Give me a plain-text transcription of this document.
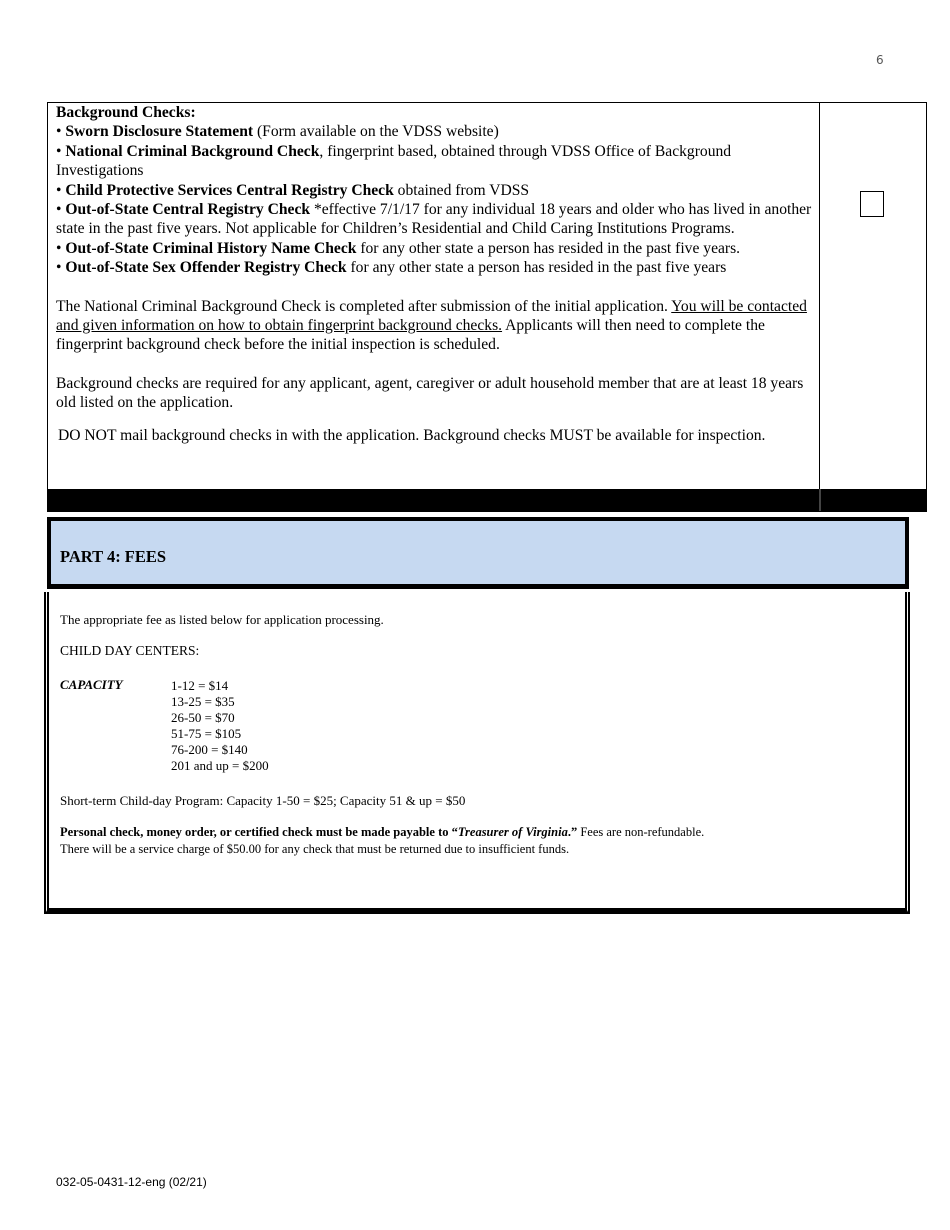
6

Background Checks:

• Sworn Disclosure Statement (Form available on the VDSS website)

• National Criminal Background Check, fingerprint based, obtained through VDSS Office of Background Investigations

• Child Protective Services Central Registry Check obtained from VDSS

• Out-of-State Central Registry Check *effective 7/1/17 for any individual 18 years and older who has lived in another state in the past five years. Not applicable for Children’s Residential and Child Caring Institutions Programs.

• Out-of-State Criminal History Name Check for any other state a person has resided in the past five years.

• Out-of-State Sex Offender Registry Check for any other state a person has resided in the past five years

The National Criminal Background Check is completed after submission of the initial application. You will be contacted and given information on how to obtain fingerprint background checks. Applicants will then need to complete the fingerprint background check before the initial inspection is scheduled.

Background checks are required for any applicant, agent, caregiver or adult household member that are at least 18 years old listed on the application.

DO NOT mail background checks in with the application. Background checks MUST be available for inspection.

PART 4: FEES
The appropriate fee as listed below for application processing.
CHILD DAY CENTERS:
CAPACITY	1-12 = $14
13-25 = $35
26-50 = $70
51-75 = $105
76-200 = $140
201 and up = $200
Short-term Child-day Program: Capacity 1-50 = $25; Capacity 51 & up = $50
Personal check, money order, or certified check must be made payable to “Treasurer of Virginia.” Fees are non-refundable.
There will be a service charge of $50.00 for any check that must be returned due to insufficient funds.
032-05-0431-12-eng (02/21)
